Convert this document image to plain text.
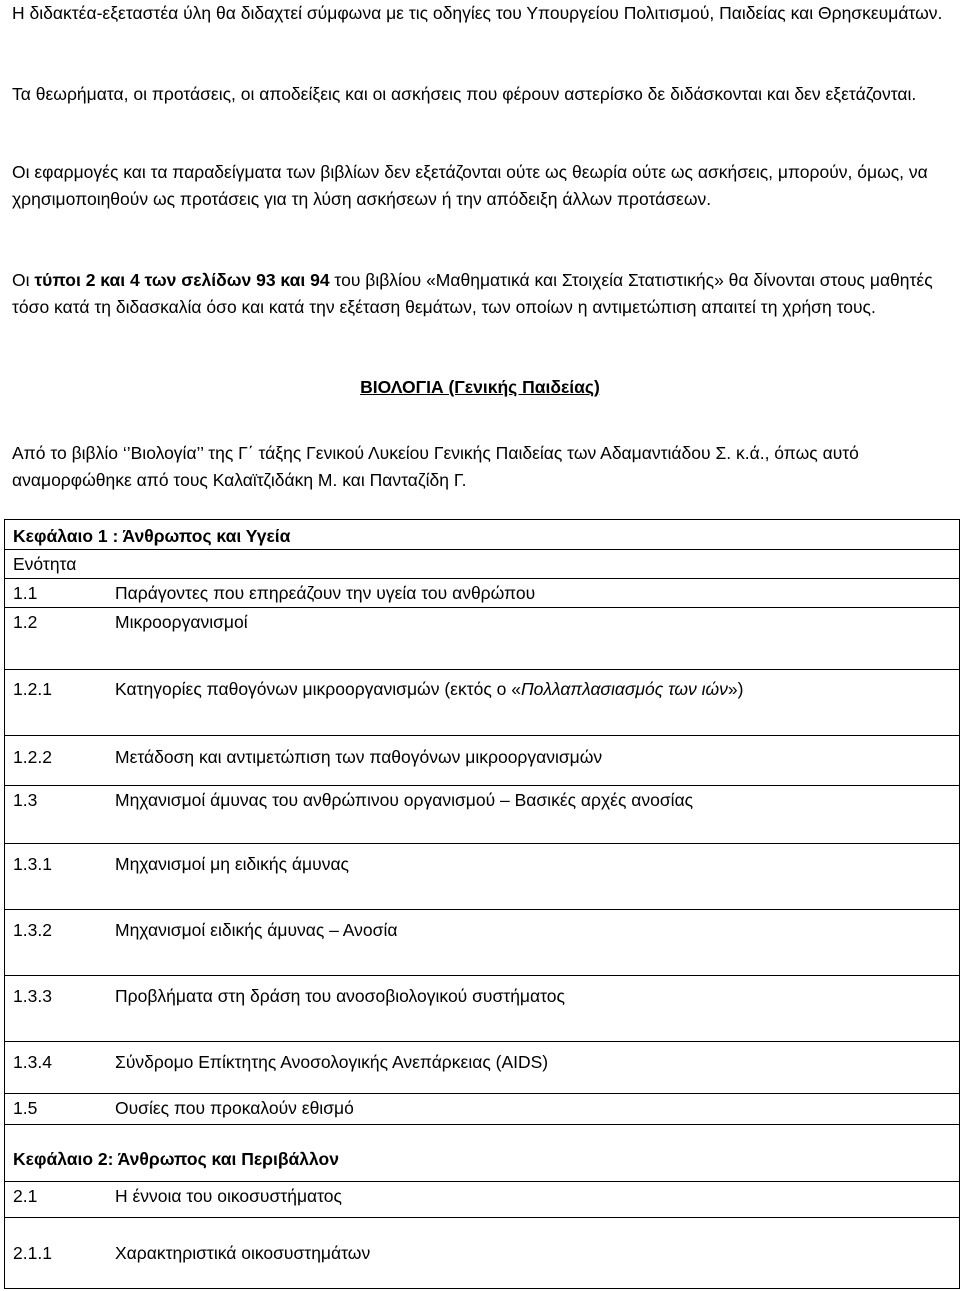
Η διδακτέα-εξεταστέα ύλη θα διδαχτεί σύμφωνα με τις οδηγίες του Υπουργείου Πολιτισμού, Παιδείας και Θρησκευμάτων.

Τα θεωρήματα, οι προτάσεις, οι αποδείξεις και οι ασκήσεις που φέρουν αστερίσκο δε διδάσκονται και δεν εξετάζονται.

Οι εφαρμογές και τα παραδείγματα των βιβλίων δεν εξετάζονται ούτε ως θεωρία ούτε ως ασκήσεις, μπορούν, όμως, να χρησιμοποιηθούν ως προτάσεις για τη λύση ασκήσεων ή την απόδειξη άλλων προτάσεων.

Οι τύποι 2 και 4 των σελίδων 93 και 94 του βιβλίου «Μαθηματικά και Στοιχεία Στατιστικής» θα δίνονται στους μαθητές τόσο κατά τη διδασκαλία όσο και κατά την εξέταση θεμάτων, των οποίων η αντιμετώπιση απαιτεί τη χρήση τους.

ΒΙΟΛΟΓΙΑ (Γενικής Παιδείας)

Από το βιβλίο ‘’Βιολογία’’ της Γ΄ τάξης Γενικού Λυκείου Γενικής Παιδείας των Αδαμαντιάδου Σ. κ.ά., όπως αυτό αναμορφώθηκε από τους Καλαϊτζιδάκη Μ. και Πανταζίδη Γ.

Κεφάλαιο 1 : Άνθρωπος και Υγεία
Ενότητα
1.1	Παράγοντες που επηρεάζουν την υγεία του ανθρώπου
1.2	Μικροοργανισμοί
1.2.1	Κατηγορίες παθογόνων μικροοργανισμών (εκτός ο «Πολλαπλασιασμός των ιών»)
1.2.2	Μετάδοση και αντιμετώπιση των παθογόνων μικροοργανισμών
1.3	Μηχανισμοί άμυνας του ανθρώπινου οργανισμού – Βασικές αρχές ανοσίας
1.3.1	Μηχανισμοί μη ειδικής άμυνας
1.3.2	Μηχανισμοί ειδικής άμυνας – Ανοσία
1.3.3	Προβλήματα στη δράση του ανοσοβιολογικού συστήματος
1.3.4	Σύνδρομο Επίκτητης Ανοσολογικής Ανεπάρκειας (AIDS)
1.5	Ουσίες που προκαλούν εθισμό
Κεφάλαιο 2: Άνθρωπος και Περιβάλλον
2.1	Η έννοια του οικοσυστήματος
2.1.1	Χαρακτηριστικά οικοσυστημάτων
